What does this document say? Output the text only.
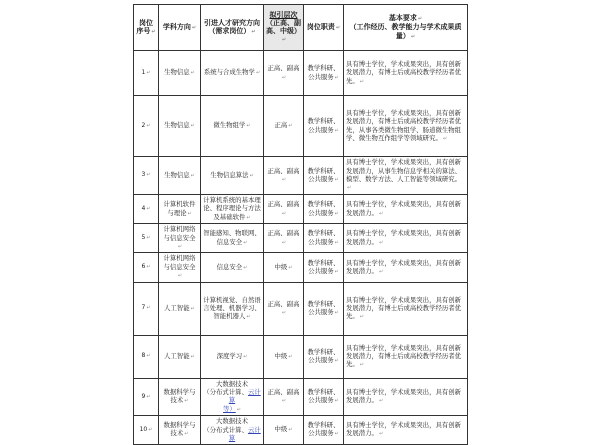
岗位
序号↵	学科方向↵	引进人才研究方向（需求岗位）↵	拟引层次
（正高、副高、中级）↵	岗位职责↵	基本要求↵
（工作经历、教学能力与学术成果质量）↵
1↵	生物信息↵	系统与合成生物学↵	正高、副高↵	教学科研、公共服务↵	具有博士学位，学术成果突出，具有创新发展潜力，有博士后或高校教学经历者优先。↵
2↵	生物信息↵	微生物组学↵	正高↵	教学科研、公共服务↵	具有博士学位，学术成果突出，具有创新发展潜力，有博士后或高校教学经历者优先，从事各类微生物组学、肠道微生物组学、微生物互作组学等领域研究。↵
3↵	生物信息↵	生物信息算法↵	正高、副高↵	教学科研、公共服务↵	具有博士学位，学术成果突出，具有创新发展潜力，从事生物信息学相关的算法、模型、数学方法、人工智能等领域研究。↵
4↵	计算机软件与理论↵	计算机系统的基本理论、程序理论与方法及基础软件↵	正高、副高↵	教学科研、公共服务↵	具有博士学位，学术成果突出，具有创新发展潜力。↵
5↵	计算机网络与信息安全↵	智能感知、物联网、信息安全↵	正高、副高↵	教学科研、公共服务↵	具有博士学位，学术成果突出，具有创新发展潜力。↵
6↵	计算机网络与信息安全↵	信息安全↵	中级↵	教学科研、公共服务↵	具有博士学位，学术成果突出，具有创新发展潜力。↵
7↵	人工智能↵	计算机视觉、自然语言处理、机器学习、智能机器人↵	正高、副高↵	教学科研、公共服务↵	具有博士学位，学术成果突出，具有创新发展潜力，有博士后或高校教学经历者优先。↵
8↵	人工智能↵	深度学习↵	中级↵	教学科研、公共服务↵	具有博士学位，学术成果突出，具有创新发展潜力，有博士后或高校教学经历者优先。↵
9↵	数据科学与技术↵	大数据技术
（分布式计算、云计算
等）↵	正高、副高↵	教学科研、公共服务↵	具有博士学位，学术成果突出，具有创新发展潜力。↵
10↵	数据科学与技术↵	大数据技术
（分布式计算、云计算	中级↵	教学科研、公共服务↵	具有博士学位，学术成果突出，具有创新发展潜力。↵
